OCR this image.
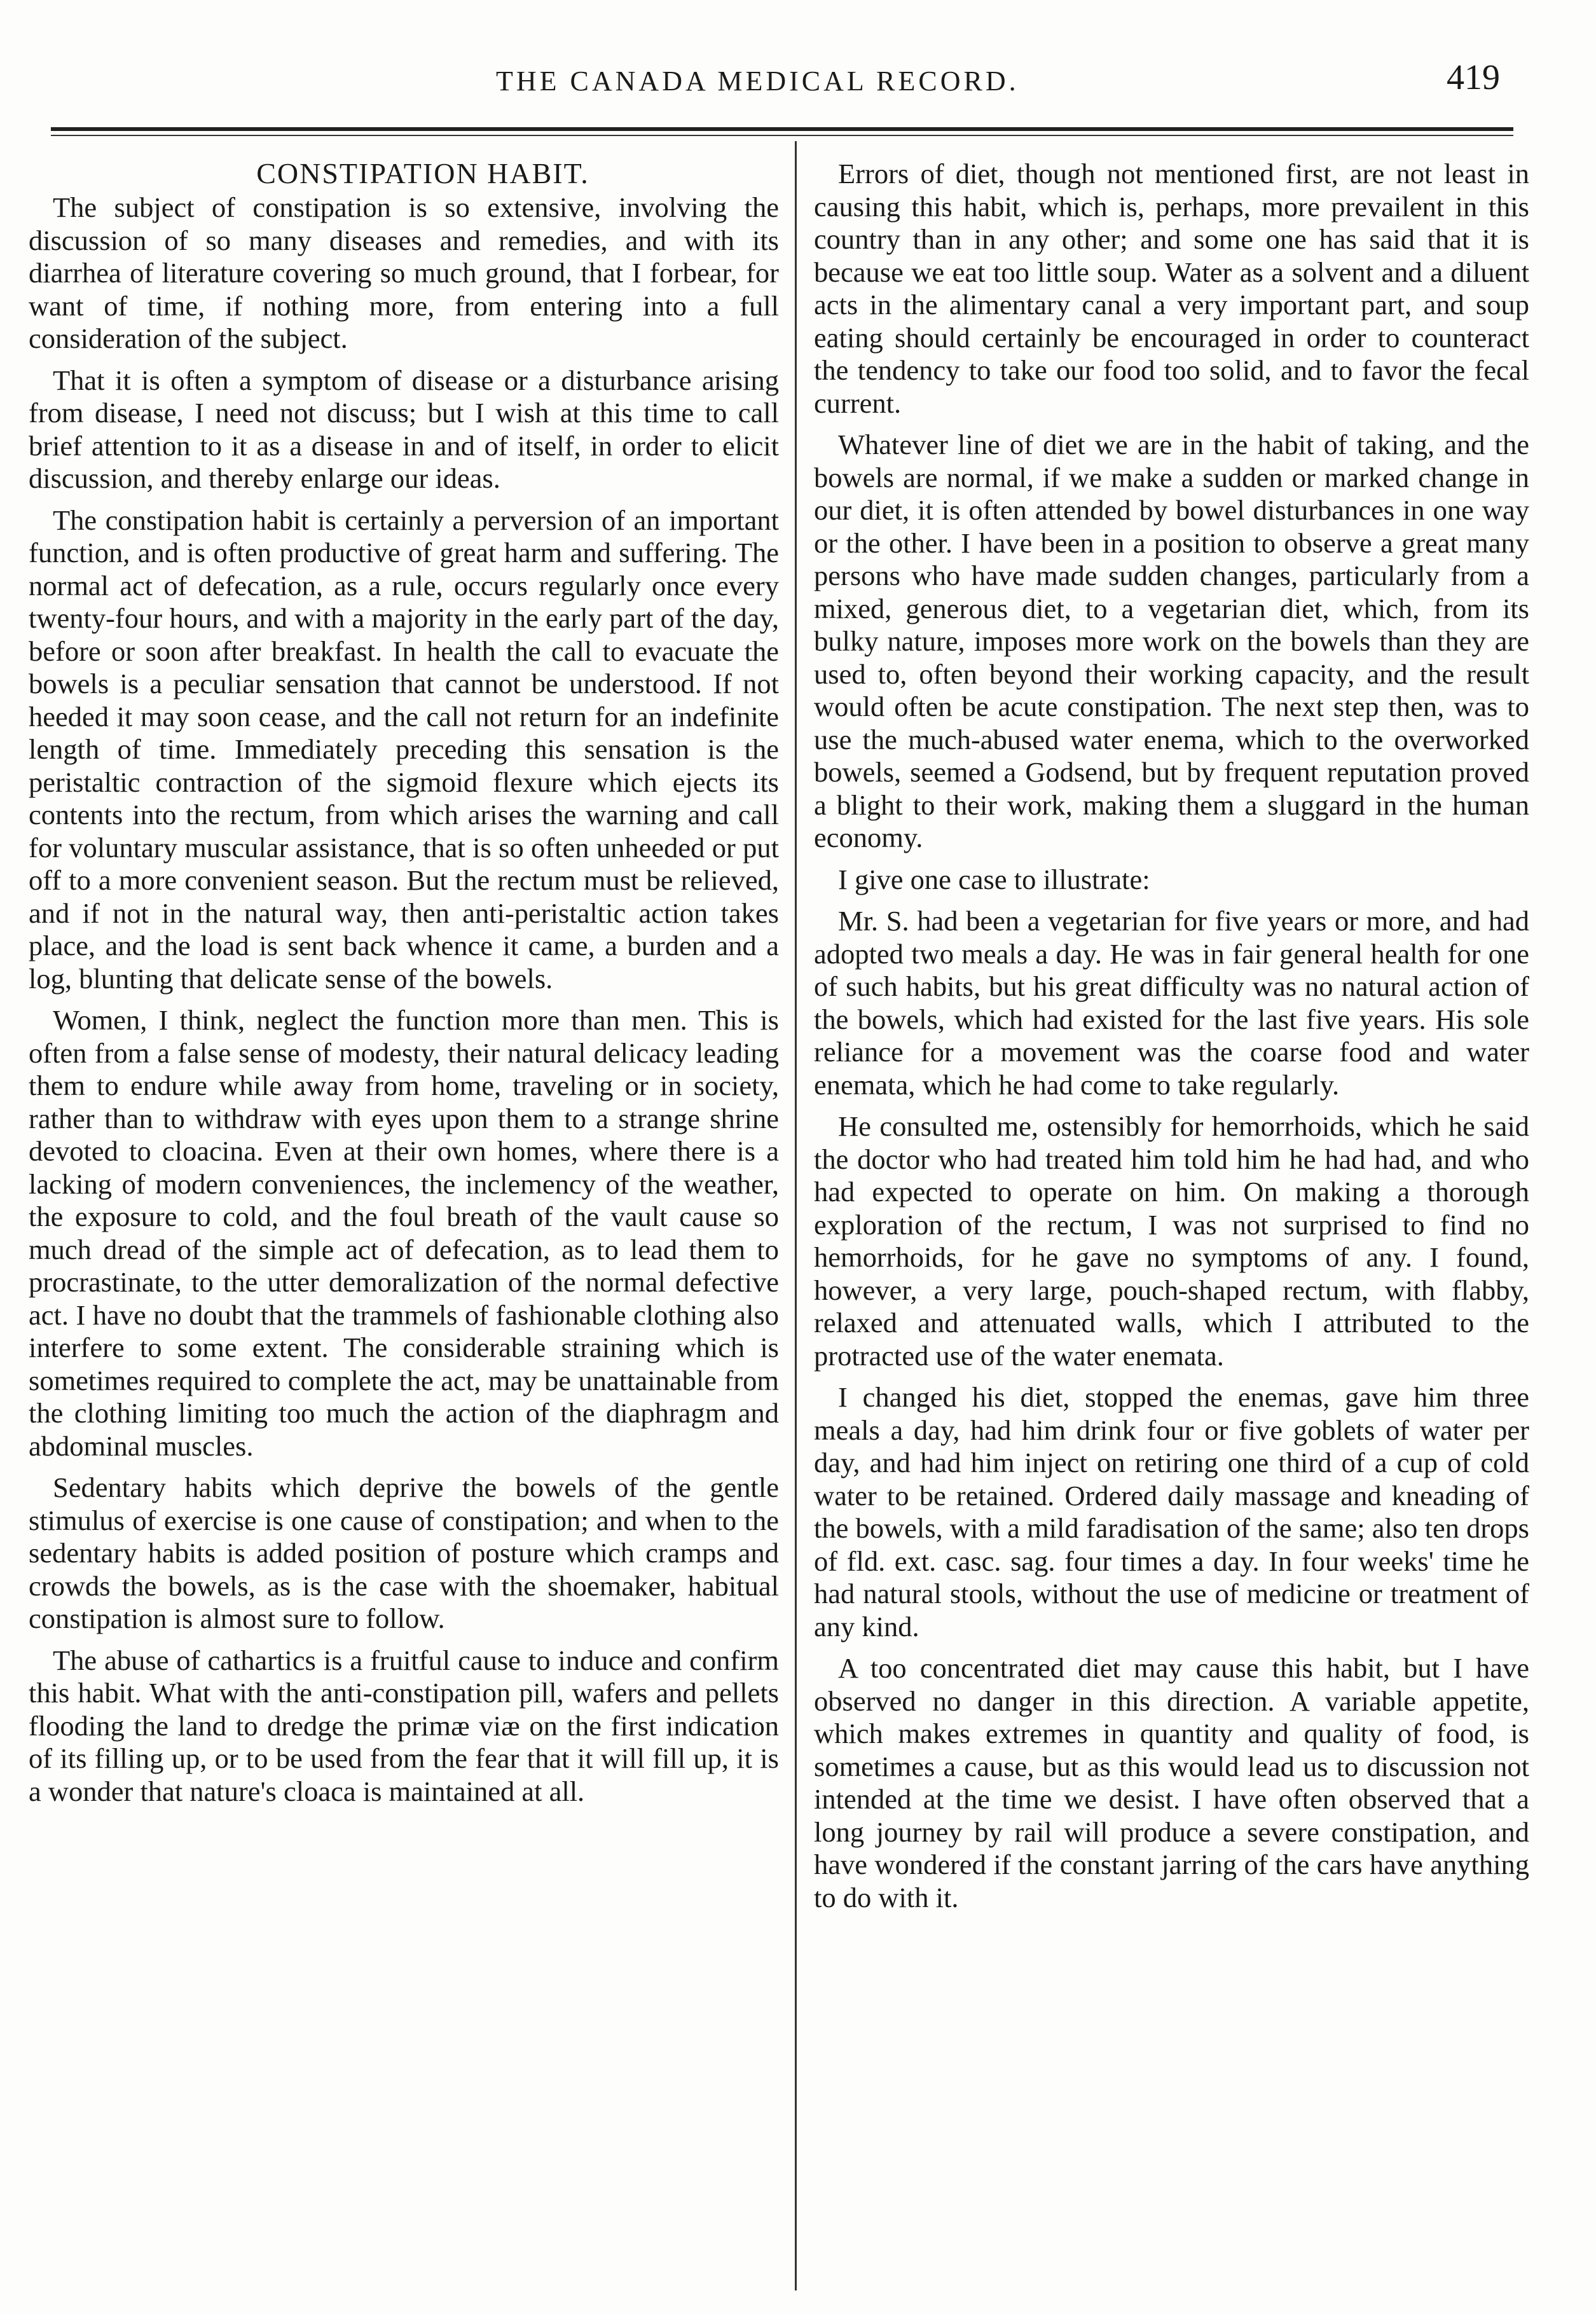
THE CANADA MEDICAL RECORD.	419
CONSTIPATION HABIT.

The subject of constipation is so extensive, involving the discussion of so many diseases and remedies, and with its diarrhea of literature covering so much ground, that I forbear, for want of time, if nothing more, from entering into a full consideration of the subject.

That it is often a symptom of disease or a disturbance arising from disease, I need not discuss; but I wish at this time to call brief attention to it as a disease in and of itself, in order to elicit discussion, and thereby enlarge our ideas.

The constipation habit is certainly a perversion of an important function, and is often productive of great harm and suffering. The normal act of defecation, as a rule, occurs regularly once every twenty-four hours, and with a majority in the early part of the day, before or soon after breakfast. In health the call to evacuate the bowels is a peculiar sensation that cannot be understood. If not heeded it may soon cease, and the call not return for an indefinite length of time. Immediately preceding this sensation is the peristaltic contraction of the sigmoid flexure which ejects its contents into the rectum, from which arises the warning and call for voluntary muscular assistance, that is so often unheeded or put off to a more convenient season. But the rectum must be relieved, and if not in the natural way, then anti-peristaltic action takes place, and the load is sent back whence it came, a burden and a log, blunting that delicate sense of the bowels.

Women, I think, neglect the function more than men. This is often from a false sense of modesty, their natural delicacy leading them to endure while away from home, traveling or in society, rather than to withdraw with eyes upon them to a strange shrine devoted to cloacina. Even at their own homes, where there is a lacking of modern conveniences, the inclemency of the weather, the exposure to cold, and the foul breath of the vault cause so much dread of the simple act of defecation, as to lead them to procrastinate, to the utter demoralization of the normal defective act. I have no doubt that the trammels of fashionable clothing also interfere to some extent. The considerable straining which is sometimes required to complete the act, may be unattainable from the clothing limiting too much the action of the diaphragm and abdominal muscles.

Sedentary habits which deprive the bowels of the gentle stimulus of exercise is one cause of constipation; and when to the sedentary habits is added position of posture which cramps and crowds the bowels, as is the case with the shoemaker, habitual constipation is almost sure to follow.

The abuse of cathartics is a fruitful cause to induce and confirm this habit. What with the anti-constipation pill, wafers and pellets flooding the land to dredge the primæ viæ on the first indication of its filling up, or to be used from the fear that it will fill up, it is a wonder that nature's cloaca is maintained at all.

Errors of diet, though not mentioned first, are not least in causing this habit, which is, perhaps, more prevailent in this country than in any other; and some one has said that it is because we eat too little soup. Water as a solvent and a diluent acts in the alimentary canal a very important part, and soup eating should certainly be encouraged in order to counteract the tendency to take our food too solid, and to favor the fecal current.

Whatever line of diet we are in the habit of taking, and the bowels are normal, if we make a sudden or marked change in our diet, it is often attended by bowel disturbances in one way or the other. I have been in a position to observe a great many persons who have made sudden changes, particularly from a mixed, generous diet, to a vegetarian diet, which, from its bulky nature, imposes more work on the bowels than they are used to, often beyond their working capacity, and the result would often be acute constipation. The next step then, was to use the much-abused water enema, which to the overworked bowels, seemed a Godsend, but by frequent reputation proved a blight to their work, making them a sluggard in the human economy.

I give one case to illustrate:

Mr. S. had been a vegetarian for five years or more, and had adopted two meals a day. He was in fair general health for one of such habits, but his great difficulty was no natural action of the bowels, which had existed for the last five years. His sole reliance for a movement was the coarse food and water enemata, which he had come to take regularly.

He consulted me, ostensibly for hemorrhoids, which he said the doctor who had treated him told him he had had, and who had expected to operate on him. On making a thorough exploration of the rectum, I was not surprised to find no hemorrhoids, for he gave no symptoms of any. I found, however, a very large, pouch-shaped rectum, with flabby, relaxed and attenuated walls, which I attributed to the protracted use of the water enemata.

I changed his diet, stopped the enemas, gave him three meals a day, had him drink four or five goblets of water per day, and had him inject on retiring one third of a cup of cold water to be retained. Ordered daily massage and kneading of the bowels, with a mild faradisation of the same; also ten drops of fld. ext. casc. sag. four times a day. In four weeks' time he had natural stools, without the use of medicine or treatment of any kind.

A too concentrated diet may cause this habit, but I have observed no danger in this direction. A variable appetite, which makes extremes in quantity and quality of food, is sometimes a cause, but as this would lead us to discussion not intended at the time we desist. I have often observed that a long journey by rail will produce a severe constipation, and have wondered if the constant jarring of the cars have anything to do with it.
